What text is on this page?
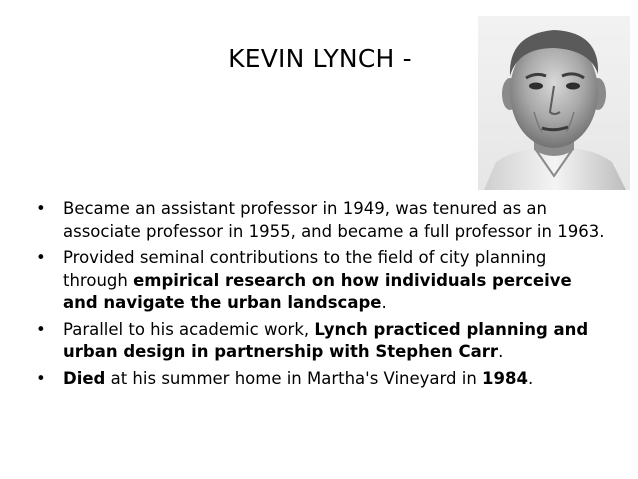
KEVIN LYNCH -
• Became an assistant professor in 1949, was tenured as an associate professor in 1955, and became a full professor in 1963.
• Provided seminal contributions to the field of city planning through empirical research on how individuals perceive and navigate the urban landscape.
• Parallel to his academic work, Lynch practiced planning and urban design in partnership with Stephen Carr.
• Died at his summer home in Martha's Vineyard in 1984.
